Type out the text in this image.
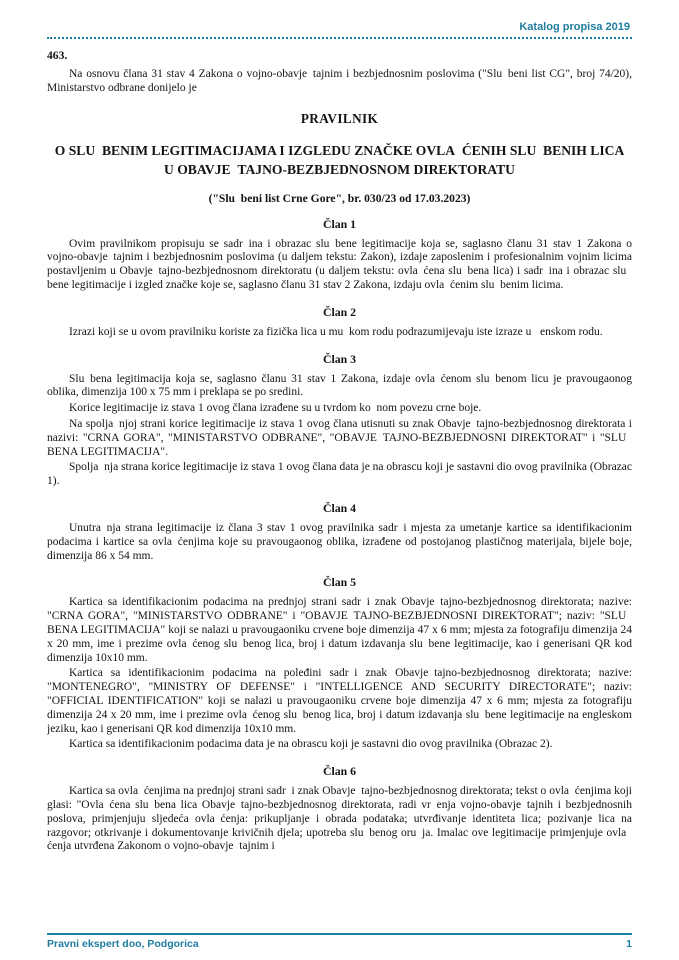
Katalog propisa 2019

463.

Na osnovu člana 31 stav 4 Zakona o vojno-obavje tajnim i bezbjednosnim poslovima ("Slu beni list CG", broj 74/20), Ministarstvo odbrane donijelo je

PRAVILNIK
O SLU BENIM LEGITIMACIJAMA I IZGLEDU ZNAČKE OVLA ĆENIH SLU BENIH LICA U OBAVJE TAJNO-BEZBJEDNOSNOM DIREKTORATU
("Slu beni list Crne Gore", br. 030/23 od 17.03.2023)
Član 1

Ovim pravilnikom propisuju se sadr ina i obrazac slu bene legitimacije koja se, saglasno članu 31 stav 1 Zakona o vojno-obavje tajnim i bezbjednosnim poslovima (u daljem tekstu: Zakon), izdaje zaposlenim i profesionalnim vojnim licima postavljenim u Obavje tajno-bezbjednosnom direktoratu (u daljem tekstu: ovla ćena slu bena lica) i sadr ina i obrazac slu bene legitimacije i izgled značke koje se, saglasno članu 31 stav 2 Zakona, izdaju ovla ćenim slu benim licima.

Član 2

Izrazi koji se u ovom pravilniku koriste za fizička lica u mu kom rodu podrazumijevaju iste izraze u  enskom rodu.

Član 3

Slu bena legitimacija koja se, saglasno članu 31 stav 1 Zakona, izdaje ovla ćenom slu benom licu je pravougaonog oblika, dimenzija 100 x 75 mm i preklapa se po sredini.

Korice legitimacije iz stava 1 ovog člana izrađene su u tvrdom ko nom povezu crne boje.

Na spolja njoj strani korice legitimacije iz stava 1 ovog člana utisnuti su znak Obavje tajno-bezbjednosnog direktorata i nazivi: "CRNA GORA", "MINISTARSTVO ODBRANE", "OBAVJE TAJNO-BEZBJEDNOSNI DIREKTORAT" i "SLU BENA LEGITIMACIJA".

Spolja nja strana korice legitimacije iz stava 1 ovog člana data je na obrascu koji je sastavni dio ovog pravilnika (Obrazac 1).

Član 4

Unutra nja strana legitimacije iz člana 3 stav 1 ovog pravilnika sadr i mjesta za umetanje kartice sa identifikacionim podacima i kartice sa ovla ćenjima koje su pravougaonog oblika, izrađene od postojanog plastičnog materijala, bijele boje, dimenzija 86 x 54 mm.

Član 5

Kartica sa identifikacionim podacima na prednjoj strani sadr i znak Obavje tajno-bezbjednosnog direktorata; nazive: "CRNA GORA", "MINISTARSTVO ODBRANE" i "OBAVJE TAJNO-BEZBJEDNOSNI DIREKTORAT"; naziv: "SLU BENA LEGITIMACIJA" koji se nalazi u pravougaoniku crvene boje dimenzija 47 x 6 mm; mjesta za fotografiju dimenzija 24 x 20 mm, ime i prezime ovla ćenog slu benog lica, broj i datum izdavanja slu bene legitimacije, kao i generisani QR kod dimenzija 10x10 mm.

Kartica sa identifikacionim podacima na poleđini sadr i znak Obavje tajno-bezbjednosnog direktorata; nazive: "MONTENEGRO", "MINISTRY OF DEFENSE" i "INTELLIGENCE AND SECURITY DIRECTORATE"; naziv: "OFFICIAL IDENTIFICATION" koji se nalazi u pravougaoniku crvene boje dimenzija 47 x 6 mm; mjesta za fotografiju dimenzija 24 x 20 mm, ime i prezime ovla ćenog slu benog lica, broj i datum izdavanja slu bene legitimacije na engleskom jeziku, kao i generisani QR kod dimenzija 10x10 mm.

Kartica sa identifikacionim podacima data je na obrascu koji je sastavni dio ovog pravilnika (Obrazac 2).

Član 6

Kartica sa ovla ćenjima na prednjoj strani sadr i znak Obavje tajno-bezbjednosnog direktorata; tekst o ovla ćenjima koji glasi: "Ovla ćena slu bena lica Obavje tajno-bezbjednosnog direktorata, radi vr enja vojno-obavje tajnih i bezbjednosnih poslova, primjenjuju sljedeća ovla ćenja: prikupljanje i obrada podataka; utvrđivanje identiteta lica; pozivanje lica na razgovor; otkrivanje i dokumentovanje krivičnih djela; upotreba slu benog oru ja. Imalac ove legitimacije primjenjuje ovla ćenja utvrđena Zakonom o vojno-obavje tajnim i

Pravni ekspert doo, Podgorica	1
